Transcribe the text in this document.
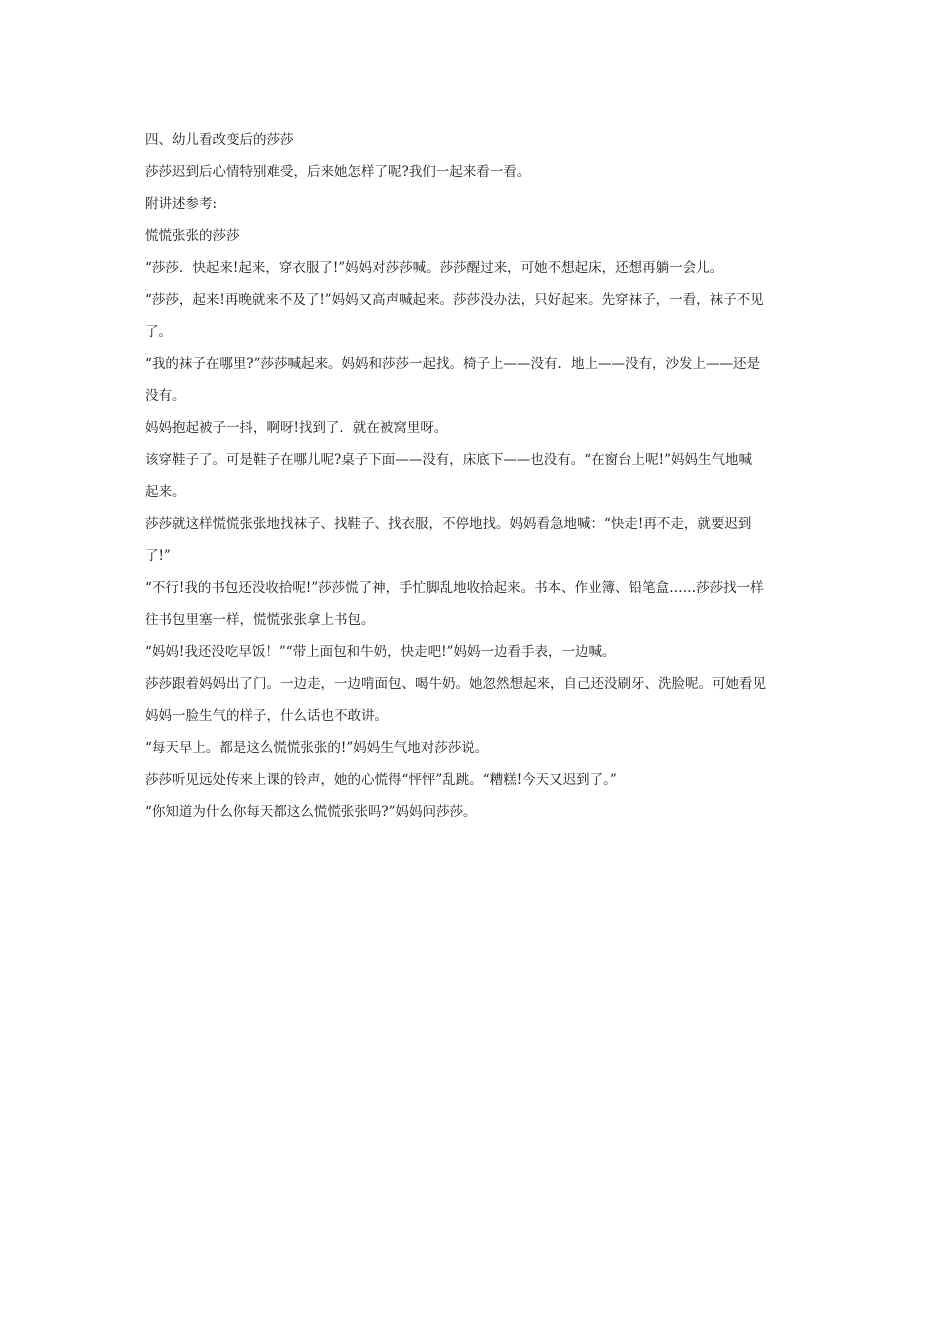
四、幼儿看改变后的莎莎

莎莎迟到后心情特别难受，后来她怎样了呢?我们一起来看一看。

附讲述参考:

慌慌张张的莎莎

“莎莎．快起来!起来，穿衣服了!”妈妈对莎莎喊。莎莎醒过来，可她不想起床，还想再躺一会儿。

“莎莎，起来!再晚就来不及了!”妈妈又高声喊起来。莎莎没办法，只好起来。先穿袜子，一看，袜子不见
了。

“我的袜子在哪里?”莎莎喊起来。妈妈和莎莎一起找。椅子上——没有．地上——没有，沙发上——还是
没有。

妈妈抱起被子一抖，啊呀!找到了．就在被窝里呀。

该穿鞋子了。可是鞋子在哪儿呢?桌子下面——没有，床底下——也没有。“在窗台上呢!”妈妈生气地喊
起来。

莎莎就这样慌慌张张地找袜子、找鞋子、找衣服，不停地找。妈妈看急地喊：“快走!再不走，就要迟到
了!”

“不行!我的书包还没收拾呢!”莎莎慌了神，手忙脚乱地收拾起来。书本、作业簿、铅笔盒……莎莎找一样
往书包里塞一样，慌慌张张拿上书包。

“妈妈!我还没吃早饭！”“带上面包和牛奶，快走吧!”妈妈一边看手表，一边喊。

莎莎跟着妈妈出了门。一边走，一边啃面包、喝牛奶。她忽然想起来，自己还没刷牙、洗脸呢。可她看见
妈妈一脸生气的样子，什么话也不敢讲。

“每天早上。都是这么慌慌张张的!”妈妈生气地对莎莎说。

莎莎听见远处传来上课的铃声，她的心慌得“怦怦”乱跳。“糟糕!今天又迟到了。”

“你知道为什么你每天都这么慌慌张张吗?”妈妈问莎莎。
